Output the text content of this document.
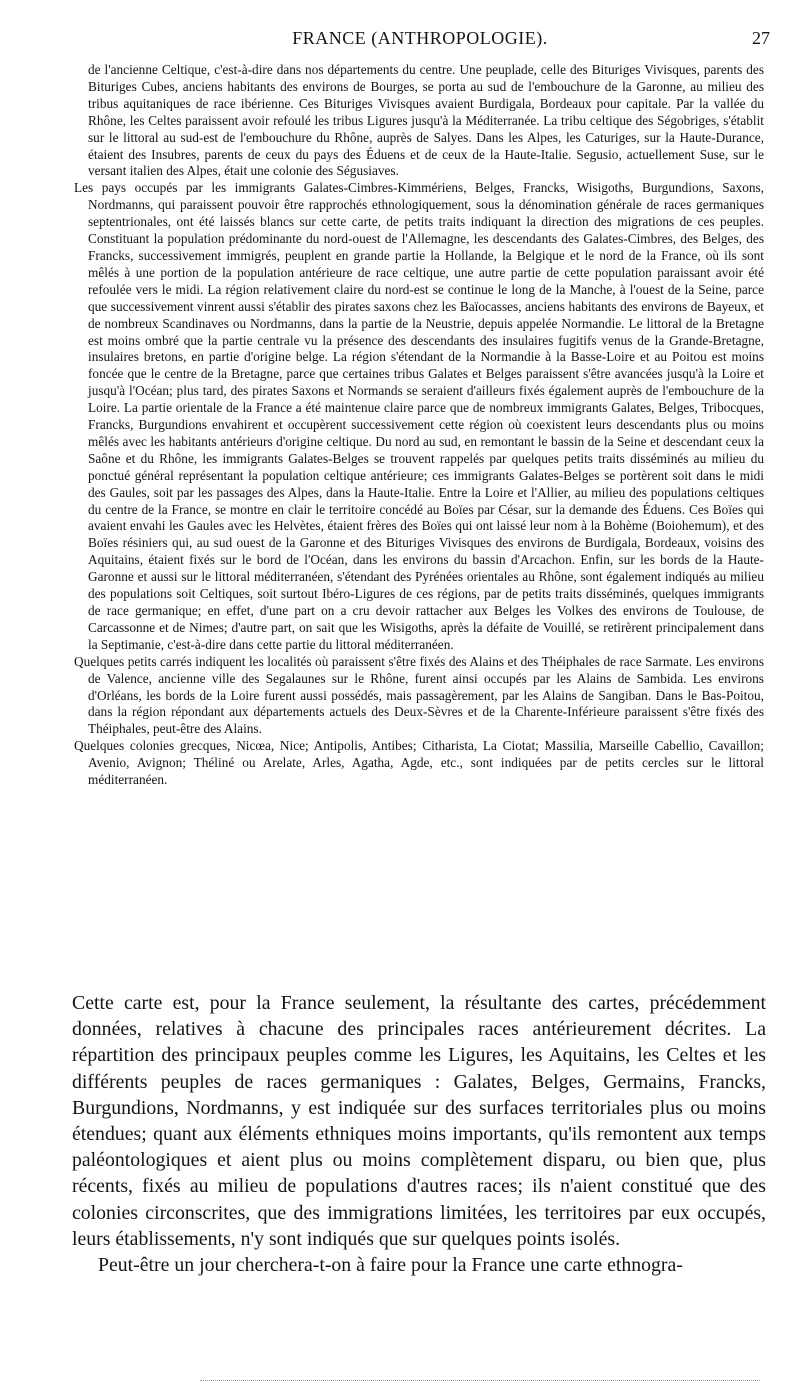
FRANCE (ANTHROPOLOGIE).	27

de l'ancienne Celtique, c'est-à-dire dans nos départements du centre. Une peuplade, celle des Bituriges Vivisques, parents des Bituriges Cubes, anciens habitants des environs de Bourges, se porta au sud de l'embouchure de la Garonne, au milieu des tribus aquitaniques de race ibérienne. Ces Bituriges Vivisques avaient Burdigala, Bordeaux pour capitale. Par la vallée du Rhône, les Celtes paraissent avoir refoulé les tribus Ligures jusqu'à la Méditerranée. La tribu celtique des Ségobriges, s'établit sur le littoral au sud-est de l'embouchure du Rhône, auprès de Salyes. Dans les Alpes, les Caturiges, sur la Haute-Durance, étaient des Insubres, parents de ceux du pays des Éduens et de ceux de la Haute-Italie. Segusio, actuellement Suse, sur le versant italien des Alpes, était une colonie des Ségusiaves.

Les pays occupés par les immigrants Galates-Cimbres-Kimmériens, Belges, Francks, Wisigoths, Burgundions, Saxons, Nordmanns, qui paraissent pouvoir être rapprochés ethnologiquement, sous la dénomination générale de races germaniques septentrionales, ont été laissés blancs sur cette carte, de petits traits indiquant la direction des migrations de ces peuples. Constituant la population prédominante du nord-ouest de l'Allemagne, les descendants des Galates-Cimbres, des Belges, des Francks, successivement immigrés, peuplent en grande partie la Hollande, la Belgique et le nord de la France, où ils sont mêlés à une portion de la population antérieure de race celtique, une autre partie de cette population paraissant avoir été refoulée vers le midi. La région relativement claire du nord-est se continue le long de la Manche, à l'ouest de la Seine, parce que successivement vinrent aussi s'établir des pirates saxons chez les Baïocasses, anciens habitants des environs de Bayeux, et de nombreux Scandinaves ou Nordmanns, dans la partie de la Neustrie, depuis appelée Normandie. Le littoral de la Bretagne est moins ombré que la partie centrale vu la présence des descendants des insulaires fugitifs venus de la Grande-Bretagne, insulaires bretons, en partie d'origine belge. La région s'étendant de la Normandie à la Basse-Loire et au Poitou est moins foncée que le centre de la Bretagne, parce que certaines tribus Galates et Belges paraissent s'être avancées jusqu'à la Loire et jusqu'à l'Océan; plus tard, des pirates Saxons et Normands se seraient d'ailleurs fixés également auprès de l'embouchure de la Loire. La partie orientale de la France a été maintenue claire parce que de nombreux immigrants Galates, Belges, Tribocques, Francks, Burgundions envahirent et occupèrent successivement cette région où coexistent leurs descendants plus ou moins mêlés avec les habitants antérieurs d'origine celtique. Du nord au sud, en remontant le bassin de la Seine et descendant ceux la Saône et du Rhône, les immigrants Galates-Belges se trouvent rappelés par quelques petits traits disséminés au milieu du ponctué général représentant la population celtique antérieure; ces immigrants Galates-Belges se portèrent soit dans le midi des Gaules, soit par les passages des Alpes, dans la Haute-Italie. Entre la Loire et l'Allier, au milieu des populations celtiques du centre de la France, se montre en clair le territoire concédé au Boïes par César, sur la demande des Éduens. Ces Boïes qui avaient envahi les Gaules avec les Helvètes, étaient frères des Boïes qui ont laissé leur nom à la Bohème (Boiohemum), et des Boïes résiniers qui, au sud ouest de la Garonne et des Bituriges Vivisques des environs de Burdigala, Bordeaux, voisins des Aquitains, étaient fixés sur le bord de l'Océan, dans les environs du bassin d'Arcachon. Enfin, sur les bords de la Haute-Garonne et aussi sur le littoral méditerranéen, s'étendant des Pyrénées orientales au Rhône, sont également indiqués au milieu des populations soit Celtiques, soit surtout Ibéro-Ligures de ces régions, par de petits traits disséminés, quelques immigrants de race germanique; en effet, d'une part on a cru devoir rattacher aux Belges les Volkes des environs de Toulouse, de Carcassonne et de Nimes; d'autre part, on sait que les Wisigoths, après la défaite de Vouillé, se retirèrent principalement dans la Septimanie, c'est-à-dire dans cette partie du littoral méditerranéen.

Quelques petits carrés indiquent les localités où paraissent s'être fixés des Alains et des Théiphales de race Sarmate. Les environs de Valence, ancienne ville des Segalaunes sur le Rhône, furent ainsi occupés par les Alains de Sambida. Les environs d'Orléans, les bords de la Loire furent aussi possédés, mais passagèrement, par les Alains de Sangiban. Dans le Bas-Poitou, dans la région répondant aux départements actuels des Deux-Sèvres et de la Charente-Inférieure paraissent s'être fixés des Théiphales, peut-être des Alains.

Quelques colonies grecques, Nicœa, Nice; Antipolis, Antibes; Citharista, La Ciotat; Massilia, Marseille Cabellio, Cavaillon; Avenio, Avignon; Théliné ou Arelate, Arles, Agatha, Agde, etc., sont indiquées par de petits cercles sur le littoral méditerranéen.

Cette carte est, pour la France seulement, la résultante des cartes, précédemment données, relatives à chacune des principales races antérieurement décrites. La répartition des principaux peuples comme les Ligures, les Aquitains, les Celtes et les différents peuples de races germaniques : Galates, Belges, Germains, Francks, Burgundions, Nordmanns, y est indiquée sur des surfaces territoriales plus ou moins étendues; quant aux éléments ethniques moins importants, qu'ils remontent aux temps paléontologiques et aient plus ou moins complètement disparu, ou bien que, plus récents, fixés au milieu de populations d'autres races; ils n'aient constitué que des colonies circonscrites, que des immigrations limitées, les territoires par eux occupés, leurs établissements, n'y sont indiqués que sur quelques points isolés.

Peut-être un jour cherchera-t-on à faire pour la France une carte ethnogra-
